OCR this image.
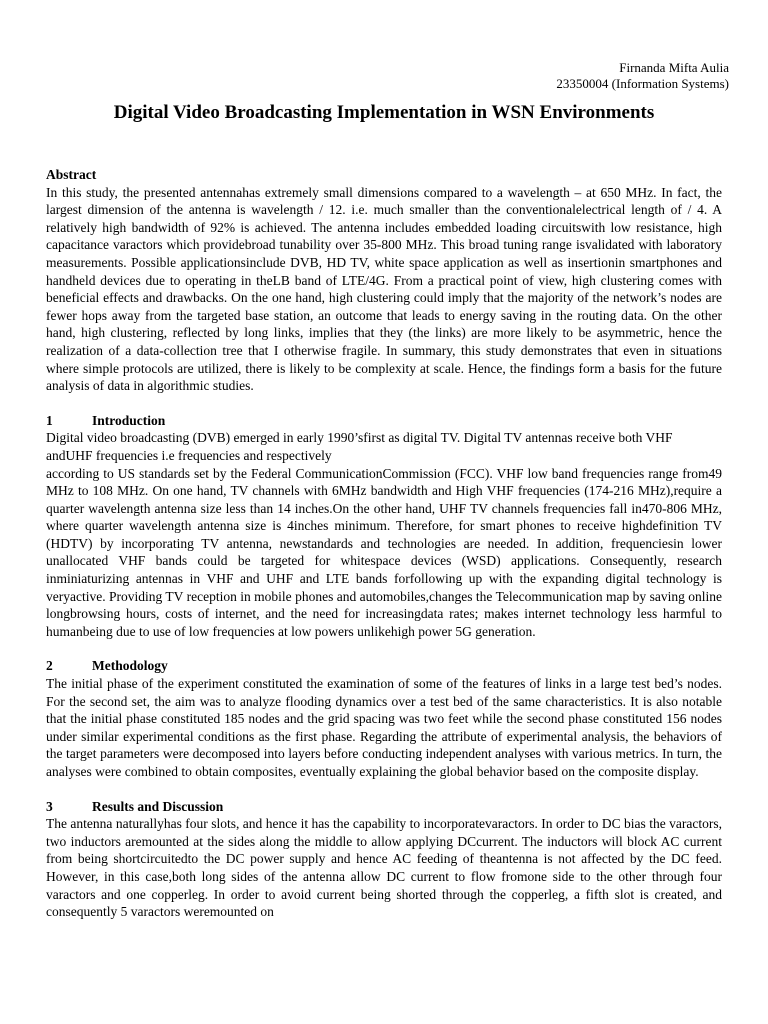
Firnanda Mifta Aulia
23350004 (Information Systems)
Digital Video Broadcasting Implementation in WSN Environments
Abstract

In this study, the presented antennahas extremely small dimensions compared to a wavelength – at 650 MHz. In fact, the largest dimension of the antenna is wavelength / 12. i.e. much smaller than the conventionalelectrical length of / 4. A relatively high bandwidth of 92% is achieved. The antenna includes embedded loading circuitswith low resistance, high capacitance varactors which providebroad tunability over 35-800 MHz. This broad tuning range isvalidated with laboratory measurements. Possible applicationsinclude DVB, HD TV, white space application as well as insertionin smartphones and handheld devices due to operating in theLB band of LTE/4G. From a practical point of view, high clustering comes with beneficial effects and drawbacks. On the one hand, high clustering could imply that the majority of the network’s nodes are fewer hops away from the targeted base station, an outcome that leads to energy saving in the routing data. On the other hand, high clustering, reflected by long links, implies that they (the links) are more likely to be asymmetric, hence the realization of a data-collection tree that I otherwise fragile. In summary, this study demonstrates that even in situations where simple protocols are utilized, there is likely to be complexity at scale. Hence, the findings form a basis for the future analysis of data in algorithmic studies.

1	Introduction

Digital video broadcasting (DVB) emerged in early 1990’sfirst as digital TV. Digital TV antennas receive both VHF andUHF frequencies i.e frequencies and respectively

according to US standards set by the Federal CommunicationCommission (FCC). VHF low band frequencies range from49 MHz to 108 MHz. On one hand, TV channels with 6MHz bandwidth and High VHF frequencies (174-216 MHz),require a quarter wavelength antenna size less than 14 inches.On the other hand, UHF TV channels frequencies fall in470-806 MHz, where quarter wavelength antenna size is 4inches minimum. Therefore, for smart phones to receive highdefinition TV (HDTV) by incorporating TV antenna, newstandards and technologies are needed. In addition, frequenciesin lower unallocated VHF bands could be targeted for whitespace devices (WSD) applications. Consequently, research inminiaturizing antennas in VHF and UHF and LTE bands forfollowing up with the expanding digital technology is veryactive. Providing TV reception in mobile phones and automobiles,changes the Telecommunication map by saving online longbrowsing hours, costs of internet, and the need for increasingdata rates; makes internet technology less harmful to humanbeing due to use of low frequencies at low powers unlikehigh power 5G generation.

2	Methodology

The initial phase of the experiment constituted the examination of some of the features of links in a large test bed’s nodes. For the second set, the aim was to analyze flooding dynamics over a test bed of the same characteristics. It is also notable that the initial phase constituted 185 nodes and the grid spacing was two feet while the second phase constituted 156 nodes under similar experimental conditions as the first phase. Regarding the attribute of experimental analysis, the behaviors of the target parameters were decomposed into layers before conducting independent analyses with various metrics. In turn, the analyses were combined to obtain composites, eventually explaining the global behavior based on the composite display.

3	Results and Discussion

The antenna naturallyhas four slots, and hence it has the capability to incorporatevaractors. In order to DC bias the varactors, two inductors aremounted at the sides along the middle to allow applying DCcurrent. The inductors will block AC current from being shortcircuitedto the DC power supply and hence AC feeding of theantenna is not affected by the DC feed. However, in this case,both long sides of the antenna allow DC current to flow fromone side to the other through four varactors and one copperleg. In order to avoid current being shorted through the copperleg, a fifth slot is created, and consequently 5 varactors weremounted on
